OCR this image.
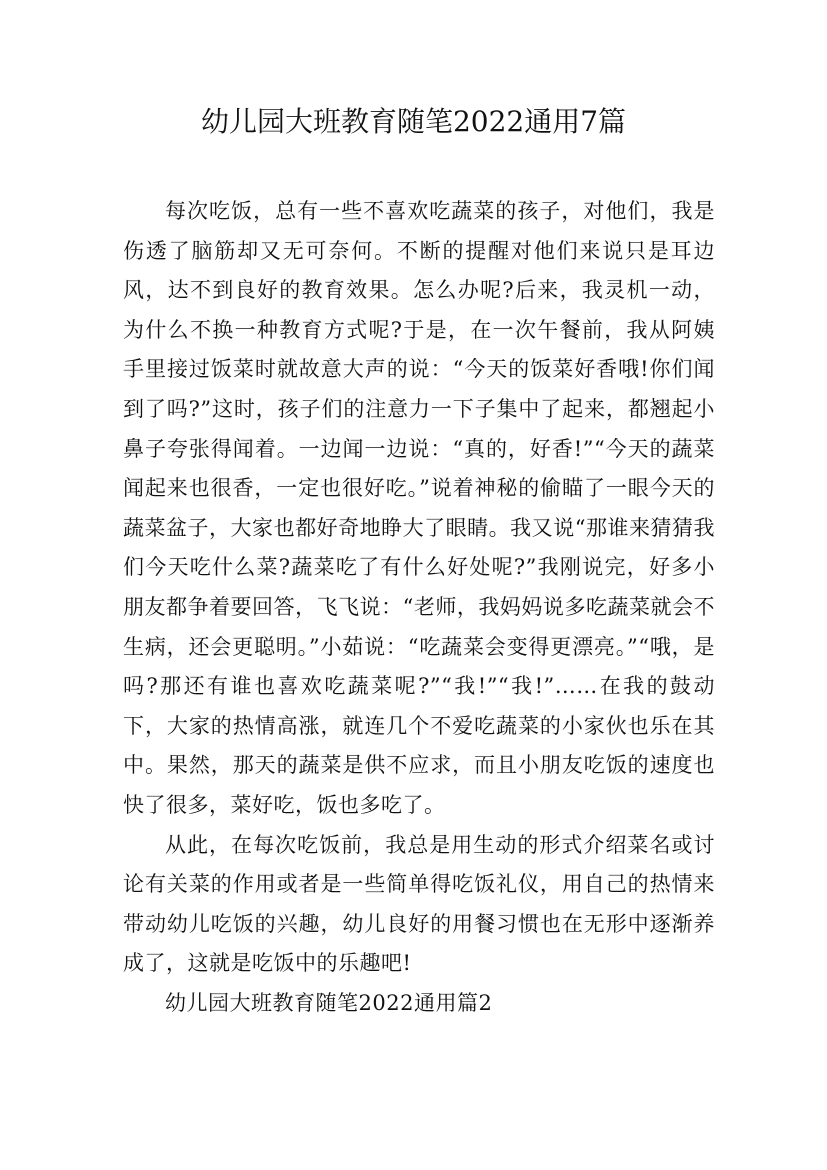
幼儿园大班教育随笔2022通用7篇

每次吃饭，总有一些不喜欢吃蔬菜的孩子，对他们，我是伤透了脑筋却又无可奈何。不断的提醒对他们来说只是耳边风，达不到良好的教育效果。怎么办呢?后来，我灵机一动，为什么不换一种教育方式呢?于是，在一次午餐前，我从阿姨手里接过饭菜时就故意大声的说：“今天的饭菜好香哦!你们闻到了吗?”这时，孩子们的注意力一下子集中了起来，都翘起小鼻子夸张得闻着。一边闻一边说：“真的，好香!”“今天的蔬菜闻起来也很香，一定也很好吃。”说着神秘的偷瞄了一眼今天的蔬菜盆子，大家也都好奇地睁大了眼睛。我又说“那谁来猜猜我们今天吃什么菜?蔬菜吃了有什么好处呢?”我刚说完，好多小朋友都争着要回答，飞飞说：“老师，我妈妈说多吃蔬菜就会不生病，还会更聪明。”小茹说：“吃蔬菜会变得更漂亮。”“哦，是吗?那还有谁也喜欢吃蔬菜呢?”“我!”“我!”……在我的鼓动下，大家的热情高涨，就连几个不爱吃蔬菜的小家伙也乐在其中。果然，那天的蔬菜是供不应求，而且小朋友吃饭的速度也快了很多，菜好吃，饭也多吃了。

从此，在每次吃饭前，我总是用生动的形式介绍菜名或讨论有关菜的作用或者是一些简单得吃饭礼仪，用自己的热情来带动幼儿吃饭的兴趣，幼儿良好的用餐习惯也在无形中逐渐养成了，这就是吃饭中的乐趣吧!

幼儿园大班教育随笔2022通用篇2
